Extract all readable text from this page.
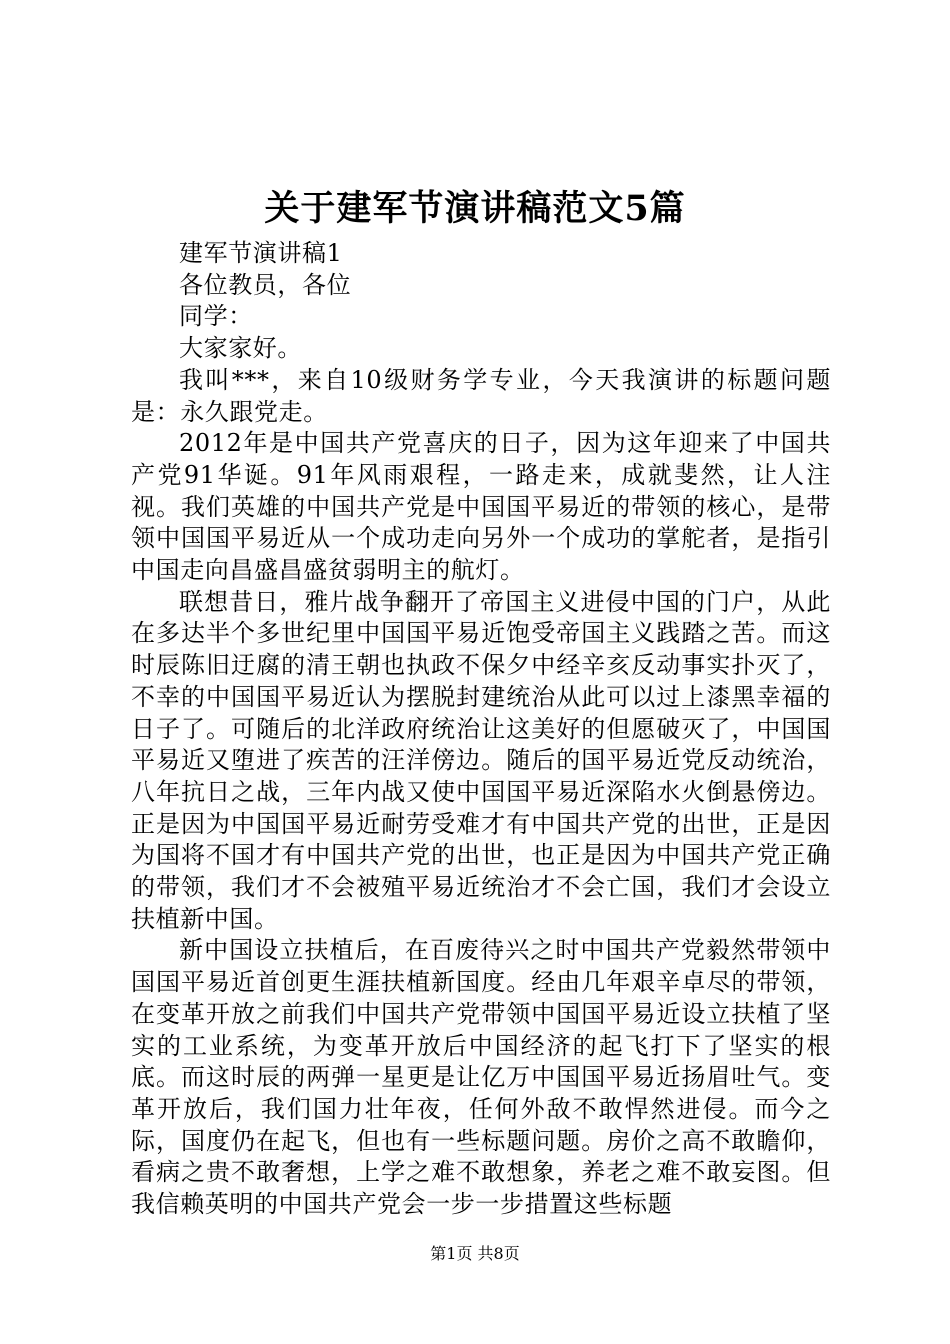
关于建军节演讲稿范文5篇

建军节演讲稿1

各位教员，各位

同学：

大家家好。

我叫***，来自10级财务学专业，今天我演讲的标题问题是：永久跟党走。

2012年是中国共产党喜庆的日子，因为这年迎来了中国共产党91华诞。91年风雨艰程，一路走来，成就斐然，让人注视。我们英雄的中国共产党是中国国平易近的带领的核心，是带领中国国平易近从一个成功走向另外一个成功的掌舵者，是指引中国走向昌盛昌盛贫弱明主的航灯。

联想昔日，雅片战争翻开了帝国主义进侵中国的门户，从此在多达半个多世纪里中国国平易近饱受帝国主义践踏之苦。而这时辰陈旧迂腐的清王朝也执政不保夕中经辛亥反动事实扑灭了，不幸的中国国平易近认为摆脱封建统治从此可以过上漆黑幸福的日子了。可随后的北洋政府统治让这美好的但愿破灭了，中国国平易近又堕进了疾苦的汪洋傍边。随后的国平易近党反动统治，八年抗日之战，三年内战又使中国国平易近深陷水火倒悬傍边。正是因为中国国平易近耐劳受难才有中国共产党的出世，正是因为国将不国才有中国共产党的出世，也正是因为中国共产党正确的带领，我们才不会被殖平易近统治才不会亡国，我们才会设立扶植新中国。

新中国设立扶植后，在百废待兴之时中国共产党毅然带领中国国平易近首创更生涯扶植新国度。经由几年艰辛卓尽的带领，在变革开放之前我们中国共产党带领中国国平易近设立扶植了坚实的工业系统，为变革开放后中国经济的起飞打下了坚实的根底。而这时辰的两弹一星更是让亿万中国国平易近扬眉吐气。变革开放后，我们国力壮年夜，任何外敌不敢悍然进侵。而今之际，国度仍在起飞，但也有一些标题问题。房价之高不敢瞻仰，看病之贵不敢奢想，上学之难不敢想象，养老之难不敢妄图。但我信赖英明的中国共产党会一步一步措置这些标题

第1页 共8页
